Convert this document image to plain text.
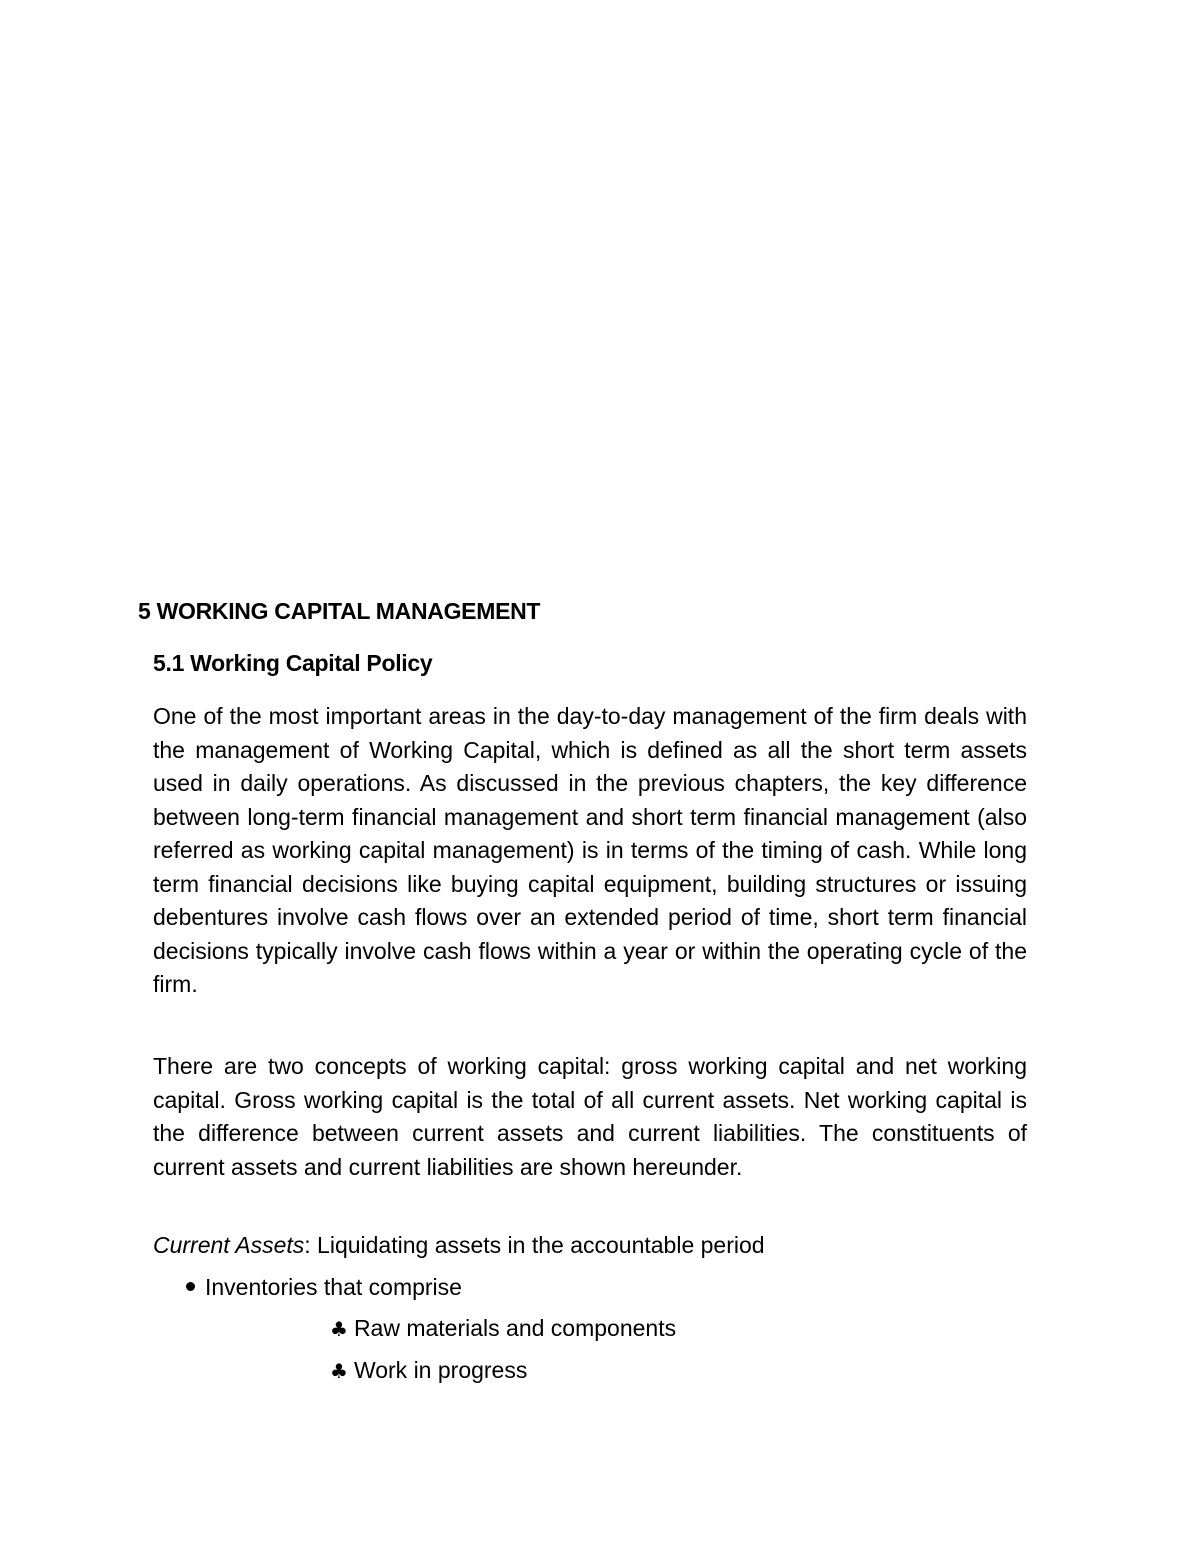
5 WORKING CAPITAL MANAGEMENT
5.1 Working Capital Policy

One of the most important areas in the day-to-day management of the firm deals with the management of Working Capital, which is defined as all the short term assets used in daily operations. As discussed in the previous chapters, the key difference between long-term financial management and short term financial management (also referred as working capital management) is in terms of the timing of cash. While long term financial decisions like buying capital equipment, building structures or issuing debentures involve cash flows over an extended period of time, short term financial decisions typically involve cash flows within a year or within the operating cycle of the firm.

There are two concepts of working capital: gross working capital and net working capital. Gross working capital is the total of all current assets. Net working capital is the difference between current assets and current liabilities. The constituents of current assets and current liabilities are shown hereunder.

Current Assets: Liquidating assets in the accountable period
Inventories that comprise
♣ Raw materials and components
♣ Work in progress
